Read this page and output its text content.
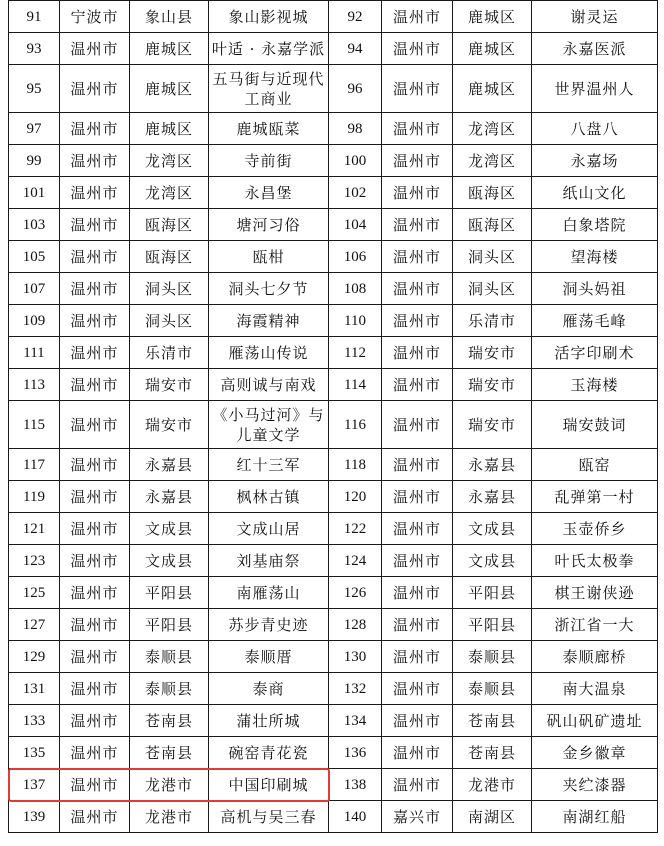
91	宁波市	象山县	象山影视城	92	温州市	鹿城区	谢灵运
93	温州市	鹿城区	叶适 · 永嘉学派	94	温州市	鹿城区	永嘉医派
95	温州市	鹿城区	五马街与近现代工商业	96	温州市	鹿城区	世界温州人
97	温州市	鹿城区	鹿城瓯菜	98	温州市	龙湾区	八盘八
99	温州市	龙湾区	寺前街	100	温州市	龙湾区	永嘉场
101	温州市	龙湾区	永昌堡	102	温州市	瓯海区	纸山文化
103	温州市	瓯海区	塘河习俗	104	温州市	瓯海区	白象塔院
105	温州市	瓯海区	瓯柑	106	温州市	洞头区	望海楼
107	温州市	洞头区	洞头七夕节	108	温州市	洞头区	洞头妈祖
109	温州市	洞头区	海霞精神	110	温州市	乐清市	雁荡毛峰
111	温州市	乐清市	雁荡山传说	112	温州市	瑞安市	活字印刷术
113	温州市	瑞安市	高则诚与南戏	114	温州市	瑞安市	玉海楼
115	温州市	瑞安市	《小马过河》与儿童文学	116	温州市	瑞安市	瑞安鼓词
117	温州市	永嘉县	红十三军	118	温州市	永嘉县	瓯窑
119	温州市	永嘉县	枫林古镇	120	温州市	永嘉县	乱弹第一村
121	温州市	文成县	文成山居	122	温州市	文成县	玉壶侨乡
123	温州市	文成县	刘基庙祭	124	温州市	文成县	叶氏太极拳
125	温州市	平阳县	南雁荡山	126	温州市	平阳县	棋王谢侠逊
127	温州市	平阳县	苏步青史迹	128	温州市	平阳县	浙江省一大
129	温州市	泰顺县	泰顺厝	130	温州市	泰顺县	泰顺廊桥
131	温州市	泰顺县	泰商	132	温州市	泰顺县	南大温泉
133	温州市	苍南县	蒲壮所城	134	温州市	苍南县	矾山矾矿遗址
135	温州市	苍南县	碗窑青花瓷	136	温州市	苍南县	金乡徽章
137	温州市	龙港市	中国印刷城	138	温州市	龙港市	夹纻漆器
139	温州市	龙港市	高机与吴三春	140	嘉兴市	南湖区	南湖红船
